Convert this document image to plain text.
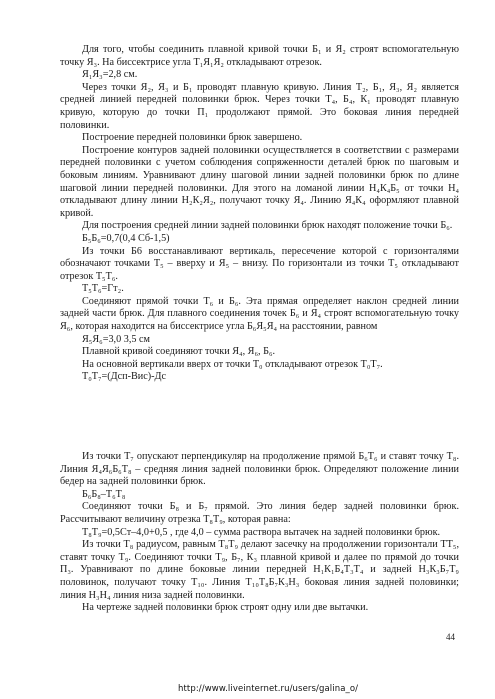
Для того, чтобы соединить плавной кривой точки Б₁ и Я₂ строят вспомогательную точку Я₃. На биссектрисе угла Т₁Я₁Я₂ откладывают отрезок.

Я₁Я₃=2,8 см.

Через точки Я₂, Я₃ и Б₁ проводят плавную кривую. Линия Т₂, Б₁, Я₃, Я₂ является средней линией передней половинки брюк. Через точки Т₄, Б₄, К₁ проводят плавную кривую, которую до точки П₁ продолжают прямой. Это боковая линия передней половинки.

Построение передней половинки брюк завершено.

Построение контуров задней половинки осуществляется в соответствии с размерами передней половинки с учетом соблюдения сопряженности деталей брюк по шаговым и боковым линиям. Уравнивают длину шаговой линии задней половинки брюк по длине шаговой линии передней половинки. Для этого на ломаной линии Н₄К₄Б₅ от точки Н₄ откладывают длину линии Н₂К₂Я₂, получают точку Я₄. Линию Я₄К₄ оформляют плавной кривой.

Для построения средней линии задней половинки брюк находят положение точки Б₆.

Б₅Б₆=0,7(0,4 Сб-1,5)

Из точки Б6 восстанавливают вертикаль, пересечение которой с горизонталями обозначают точками Т₅ – вверху и Я₅ – внизу. По горизонтали из точки Т₅ откладывают отрезок Т₅Т₆.

Т₅Т₆=Гт₂.

Соединяют прямой точки Т₆ и Б₆. Эта прямая определяет наклон средней линии задней части брюк. Для плавного соединения точек Б₆ и Я₄ строят вспомогательную точку Я₆, которая находится на биссектрисе угла Б₆Я₅Я₄ на расстоянии, равном

Я₅Я₆=3,0 3,5 см

Плавной кривой соединяют точки Я₄, Я₆, Б₆.

На основной вертикали вверх от точки Т₀ откладывают отрезок Т₀Т₇.

Т₀Т₇=(Дсп-Вис)-Дс

Из точки Т₇ опускают перпендикуляр на продолжение прямой Б₆Т₆ и ставят точку Т₈. Линия Я₄Я₆Б₆Т₈ – средняя линия задней половинки брюк. Определяют положение линии бедер на задней половинки брюк.

Б₆Б₈–Т₆Т₈

Соединяют точки Б₈ и Б₇ прямой. Это линия бедер задней половинки брюк. Рассчитывают величину отрезка Т₈Т₉, которая равна:

Т₈Т₉=0,5Ст–4,0+0,5 , где 4,0 – сумма раствора вытачек на задней половинки брюк.

Из точки Т₈ радиусом, равным Т₈Т₉ делают засечку на продолжении горизонтали ТТ₅, ставят точку Т₉. Соединяют точки Т₉, Б₇, К₃ плавной кривой и далее по прямой до точки П₃. Уравнивают по длине боковые линии передней Н₁К₁Б₄Т₃Т₄ и задней Н₃К₃Б₇Т₉ половинок, получают точку Т₁₀. Линия Т₁₀Т₈Б₇К₃Н₃ боковая линия задней половинки; линия Н₃Н₄ линия низа задней половинки.

На чертеже задней половинки брюк строят одну или две вытачки.

44
http://www.liveinternet.ru/users/galina_o/
